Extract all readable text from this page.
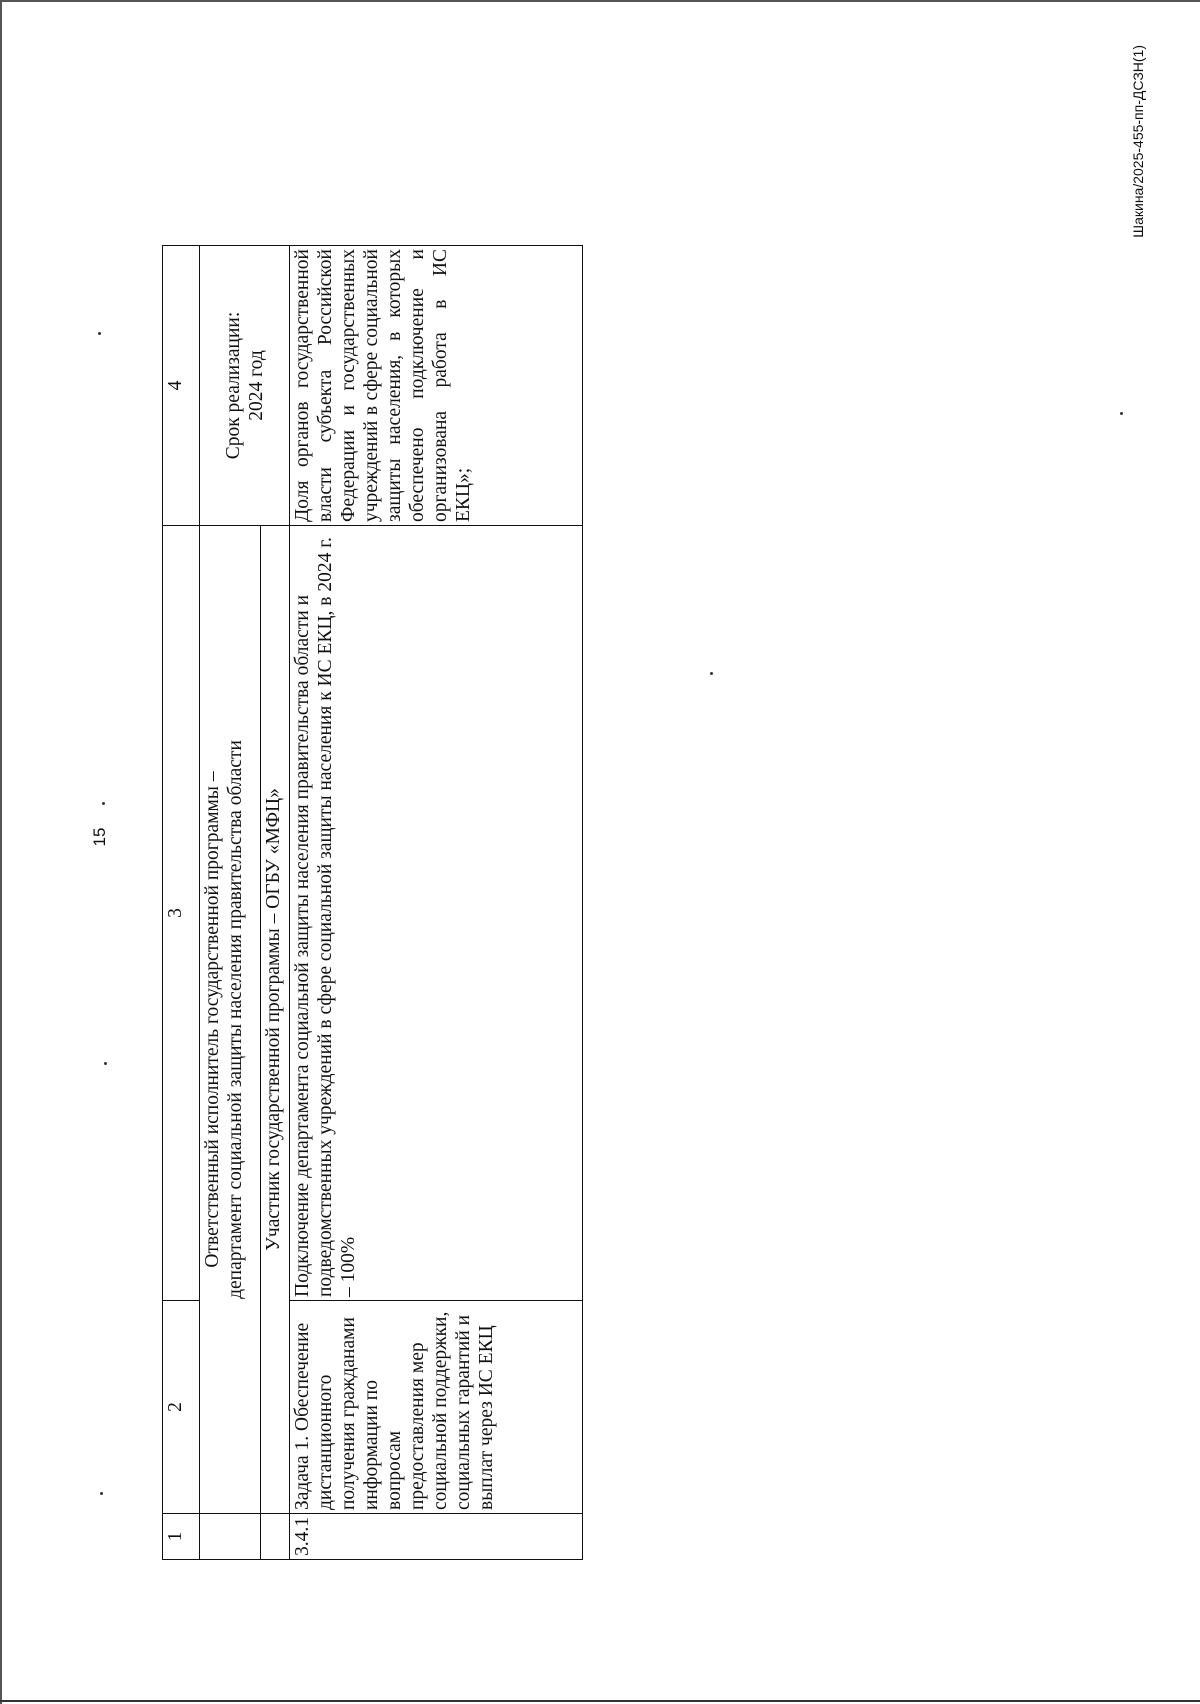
15
1	2	3	4

	Ответственный исполнитель государственной программы – департамент социальной защиты населения правительства области		Срок реализации: 2024 год

	Участник государственной программы – ОГБУ «МФЦ»		
3.4.1	Задача 1. Обеспечение дистанционного получения гражданами информации по вопросам предоставления мер социальной поддержки, социальных гарантий и выплат через ИС ЕКЦ	Подключение департамента социальной защиты населения правительства области и подведомственных учреждений в сфере социальной защиты населения к ИС ЕКЦ, в 2024 г. – 100%	Доля органов государственной власти субъекта Российской Федерации и государственных учреждений в сфере социальной защиты населения, в которых обеспечено подключение и организована работа в ИС ЕКЦ»;
Шакина/2025-455-пп-ДСЗН(1)
